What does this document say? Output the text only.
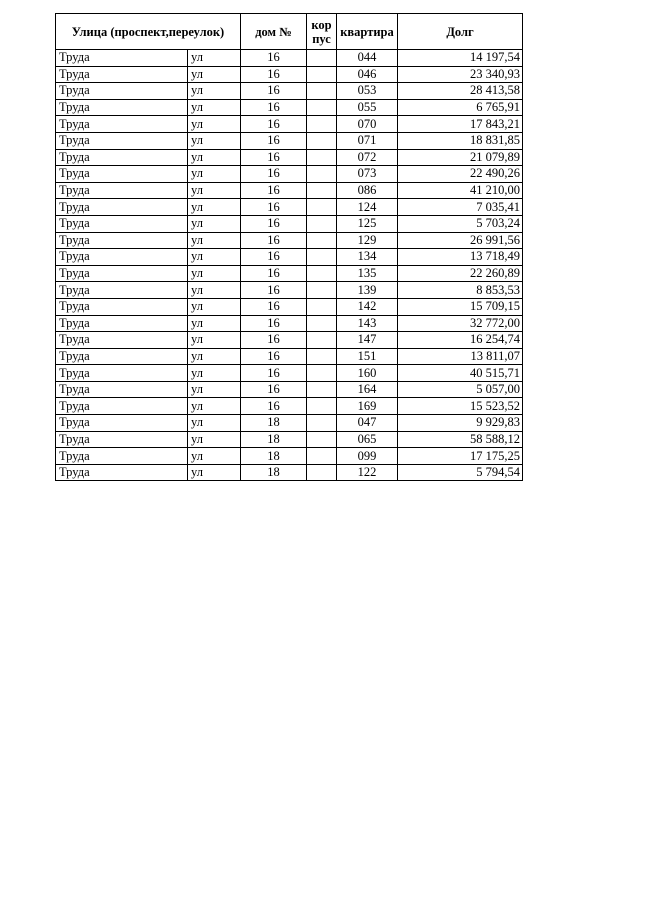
Улица (проспект,переулок)		дом №	кор пус	квартира	Долг
Труда	ул	16		044	14 197,54
Труда	ул	16		046	23 340,93
Труда	ул	16		053	28 413,58
Труда	ул	16		055	6 765,91
Труда	ул	16		070	17 843,21
Труда	ул	16		071	18 831,85
Труда	ул	16		072	21 079,89
Труда	ул	16		073	22 490,26
Труда	ул	16		086	41 210,00
Труда	ул	16		124	7 035,41
Труда	ул	16		125	5 703,24
Труда	ул	16		129	26 991,56
Труда	ул	16		134	13 718,49
Труда	ул	16		135	22 260,89
Труда	ул	16		139	8 853,53
Труда	ул	16		142	15 709,15
Труда	ул	16		143	32 772,00
Труда	ул	16		147	16 254,74
Труда	ул	16		151	13 811,07
Труда	ул	16		160	40 515,71
Труда	ул	16		164	5 057,00
Труда	ул	16		169	15 523,52
Труда	ул	18		047	9 929,83
Труда	ул	18		065	58 588,12
Труда	ул	18		099	17 175,25
Труда	ул	18		122	5 794,54
